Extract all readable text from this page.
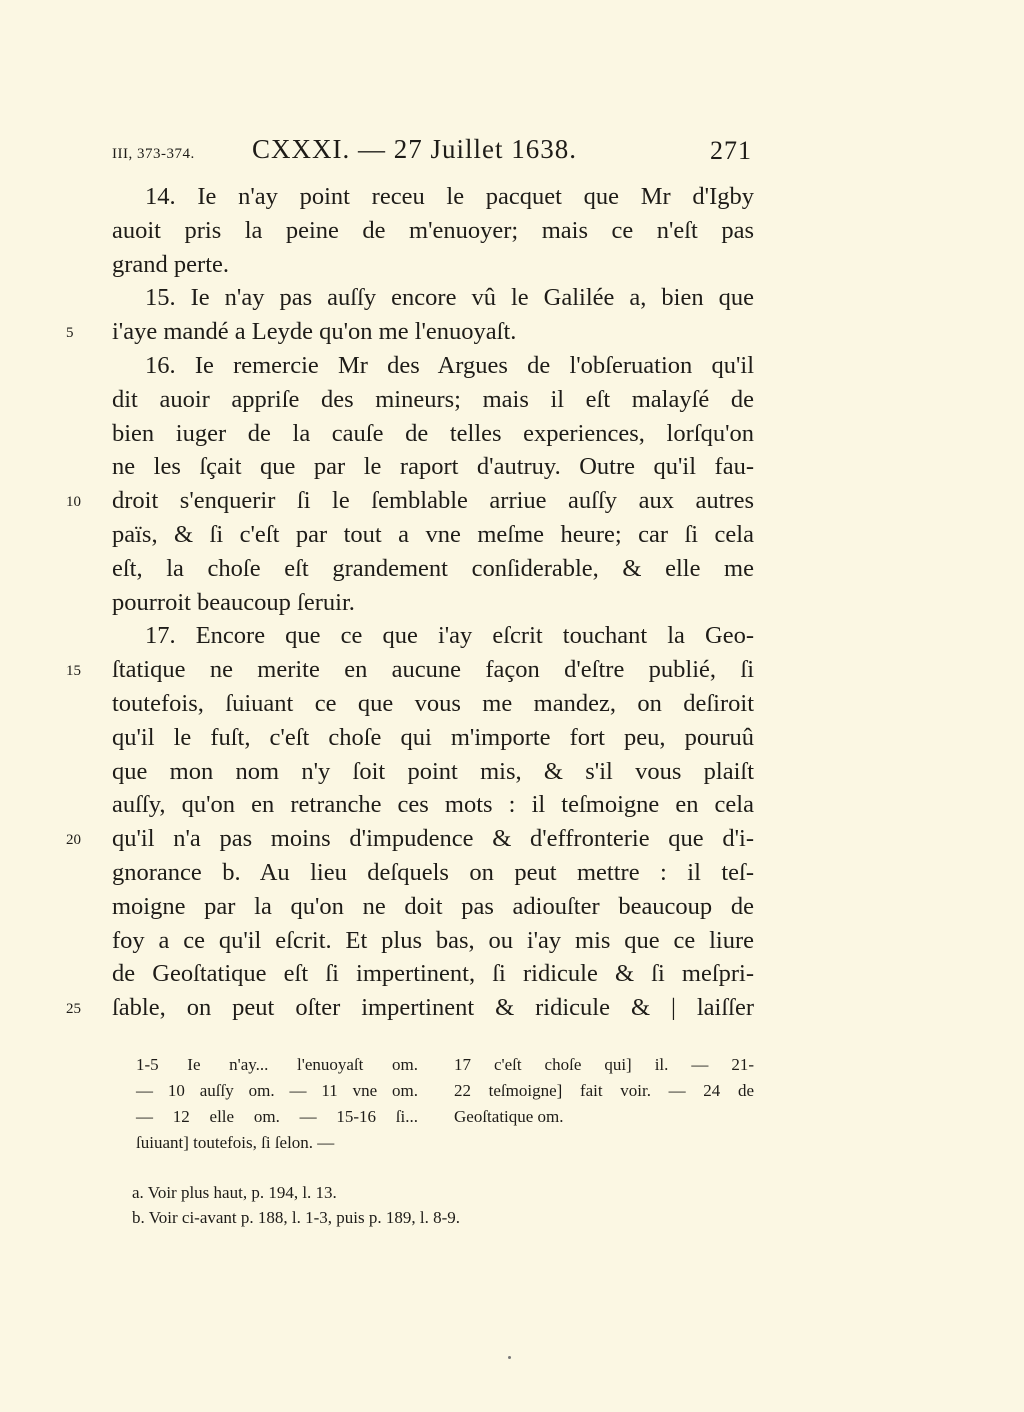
III, 373-374. CXXXI. — 27 Juillet 1638.	271
14. Ie n'ay point receu le pacquet que Mr d'Igby
auoit pris la peine de m'enuoyer; mais ce n'eſt pas
grand perte.
15. Ie n'ay pas auſſy encore vû le Galilée a, bien que
5	i'aye mandé a Leyde qu'on me l'enuoyaſt.
16. Ie remercie Mr des Argues de l'obſeruation qu'il
dit auoir appriſe des mineurs; mais il eſt malayſé de
bien iuger de la cauſe de telles experiences, lorſqu'on
ne les ſçait que par le raport d'autruy. Outre qu'il fau-
10	droit s'enquerir ſi le ſemblable arriue auſſy aux autres
païs, & ſi c'eſt par tout a vne meſme heure; car ſi cela
eſt, la choſe eſt grandement conſiderable, & elle me
pourroit beaucoup ſeruir.
17. Encore que ce que i'ay eſcrit touchant la Geo-
15	ſtatique ne merite en aucune façon d'eſtre publié, ſi
toutefois, ſuiuant ce que vous me mandez, on deſiroit
qu'il le fuſt, c'eſt choſe qui m'importe fort peu, pouruû
que mon nom n'y ſoit point mis, & s'il vous plaiſt
auſſy, qu'on en retranche ces mots : il teſmoigne en cela
20	qu'il n'a pas moins d'impudence & d'effronterie que d'i-
gnorance b. Au lieu deſquels on peut mettre : il teſ-
moigne par la qu'on ne doit pas adiouſter beaucoup de
foy a ce qu'il eſcrit. Et plus bas, ou i'ay mis que ce liure
de Geoſtatique eſt ſi impertinent, ſi ridicule & ſi meſpri-
25	ſable, on peut oſter impertinent & ridicule & | laiſſer
1-5 Ie n'ay... l'enuoyaſt om.
— 10 auſſy om. — 11 vne om.
— 12 elle om. — 15-16 ſi...
ſuiuant] toutefois, ſi ſelon. —
17 c'eſt choſe qui] il. — 21-
22 teſmoigne] fait voir. — 24 de
Geoſtatique om.
a. Voir plus haut, p. 194, l. 13.
b. Voir ci-avant p. 188, l. 1-3, puis p. 189, l. 8-9.
